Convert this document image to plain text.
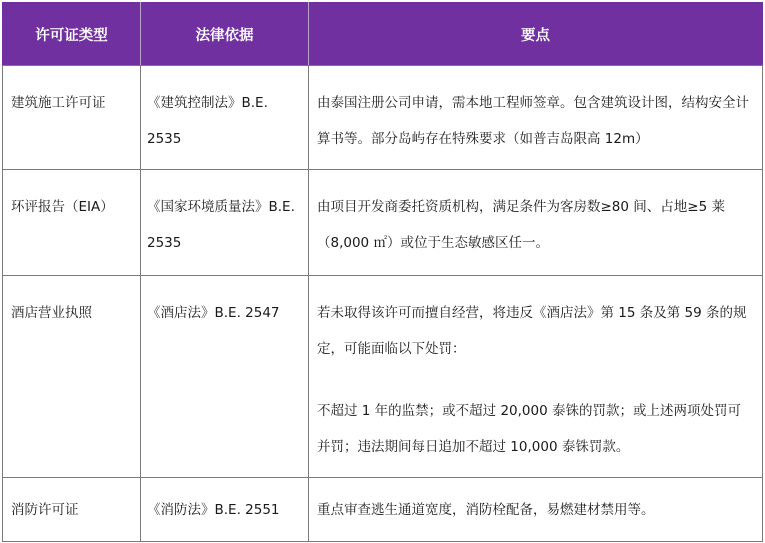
许可证类型	法律依据	要点
建筑施工许可证	《建筑控制法》B.E. 2535	由泰国注册公司申请，需本地工程师签章。包含建筑设计图，结构安全计算书等。部分岛屿存在特殊要求（如普吉岛限高 12m）

环评报告（EIA）	《国家环境质量法》B.E. 2535	由项目开发商委托资质机构，满足条件为客房数≥80 间、占地≥5 莱（8,000 ㎡）或位于生态敏感区任一。

酒店营业执照	《酒店法》B.E. 2547	若未取得该许可而擅自经营，将违反《酒店法》第 15 条及第 59 条的规定，可能面临以下处罚：
不超过 1 年的监禁；或不超过 20,000 泰铢的罚款；或上述两项处罚可并罚；违法期间每日追加不超过 10,000 泰铢罚款。

消防许可证	《消防法》B.E. 2551	重点审查逃生通道宽度，消防栓配备，易燃建材禁用等。
